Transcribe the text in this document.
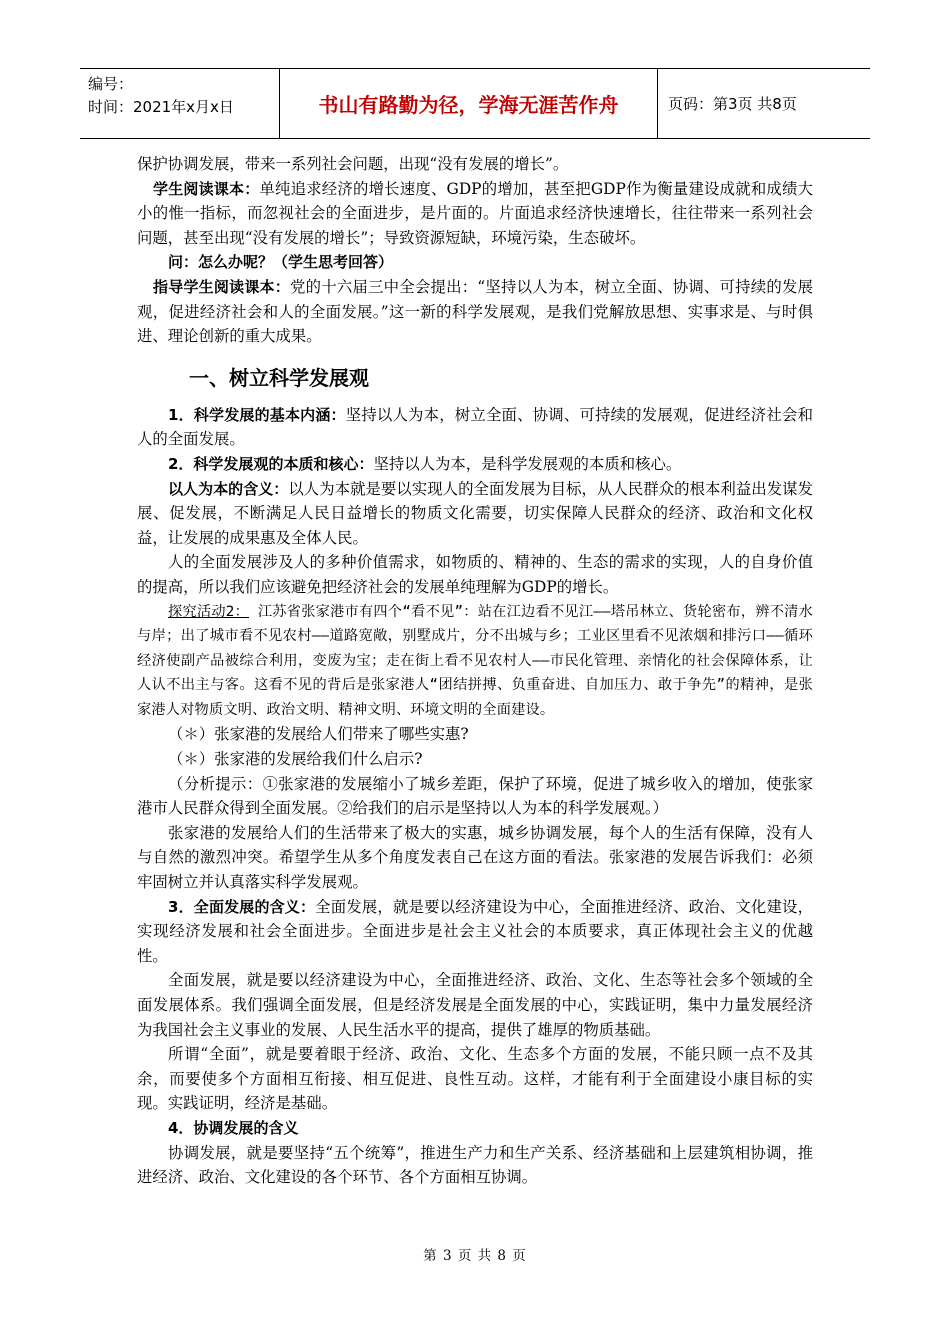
编号：
时间：2021年x月x日	书山有路勤为径，学海无涯苦作舟	页码：第3页 共8页

保护协调发展，带来一系列社会问题，出现“没有发展的增长”。

学生阅读课本：单纯追求经济的增长速度、GDP的增加，甚至把GDP作为衡量建设成就和成绩大小的惟一指标，而忽视社会的全面进步，是片面的。片面追求经济快速增长，往往带来一系列社会问题，甚至出现“没有发展的增长”；导致资源短缺，环境污染，生态破坏。

问：怎么办呢？（学生思考回答）

指导学生阅读课本：党的十六届三中全会提出：“坚持以人为本，树立全面、协调、可持续的发展观，促进经济社会和人的全面发展。”这一新的科学发展观，是我们党解放思想、实事求是、与时俱进、理论创新的重大成果。

一、树立科学发展观

1．科学发展的基本内涵：坚持以人为本，树立全面、协调、可持续的发展观，促进经济社会和人的全面发展。

2．科学发展观的本质和核心：坚持以人为本，是科学发展观的本质和核心。

以人为本的含义：以人为本就是要以实现人的全面发展为目标，从人民群众的根本利益出发谋发展、促发展，不断满足人民日益增长的物质文化需要，切实保障人民群众的经济、政治和文化权益，让发展的成果惠及全体人民。

人的全面发展涉及人的多种价值需求，如物质的、精神的、生态的需求的实现，人的自身价值的提高，所以我们应该避免把经济社会的发展单纯理解为GDP的增长。

探究活动2： 江苏省张家港市有四个“看不见”：站在江边看不见江——塔吊林立、货轮密布，辨不清水与岸；出了城市看不见农村——道路宽敞，别墅成片，分不出城与乡；工业区里看不见浓烟和排污口——循环经济使副产品被综合利用，变废为宝；走在街上看不见农村人——市民化管理、亲情化的社会保障体系，让人认不出主与客。这看不见的背后是张家港人“团结拼搏、负重奋进、自加压力、敢于争先”的精神，是张家港人对物质文明、政治文明、精神文明、环境文明的全面建设。

（＊）张家港的发展给人们带来了哪些实惠?

（＊）张家港的发展给我们什么启示?

（分析提示：①张家港的发展缩小了城乡差距，保护了环境，促进了城乡收入的增加，使张家港市人民群众得到全面发展。②给我们的启示是坚持以人为本的科学发展观。）

张家港的发展给人们的生活带来了极大的实惠，城乡协调发展，每个人的生活有保障，没有人与自然的激烈冲突。希望学生从多个角度发表自己在这方面的看法。张家港的发展告诉我们：必须牢固树立并认真落实科学发展观。

3．全面发展的含义：全面发展，就是要以经济建设为中心，全面推进经济、政治、文化建设，实现经济发展和社会全面进步。全面进步是社会主义社会的本质要求，真正体现社会主义的优越性。

全面发展，就是要以经济建设为中心，全面推进经济、政治、文化、生态等社会多个领域的全面发展体系。我们强调全面发展，但是经济发展是全面发展的中心，实践证明，集中力量发展经济为我国社会主义事业的发展、人民生活水平的提高，提供了雄厚的物质基础。

所谓“全面”，就是要着眼于经济、政治、文化、生态多个方面的发展，不能只顾一点不及其余，而要使多个方面相互衔接、相互促进、良性互动。这样，才能有利于全面建设小康目标的实现。实践证明，经济是基础。

4．协调发展的含义

协调发展，就是要坚持“五个统筹”，推进生产力和生产关系、经济基础和上层建筑相协调，推进经济、政治、文化建设的各个环节、各个方面相互协调。

第 3 页 共 8 页
